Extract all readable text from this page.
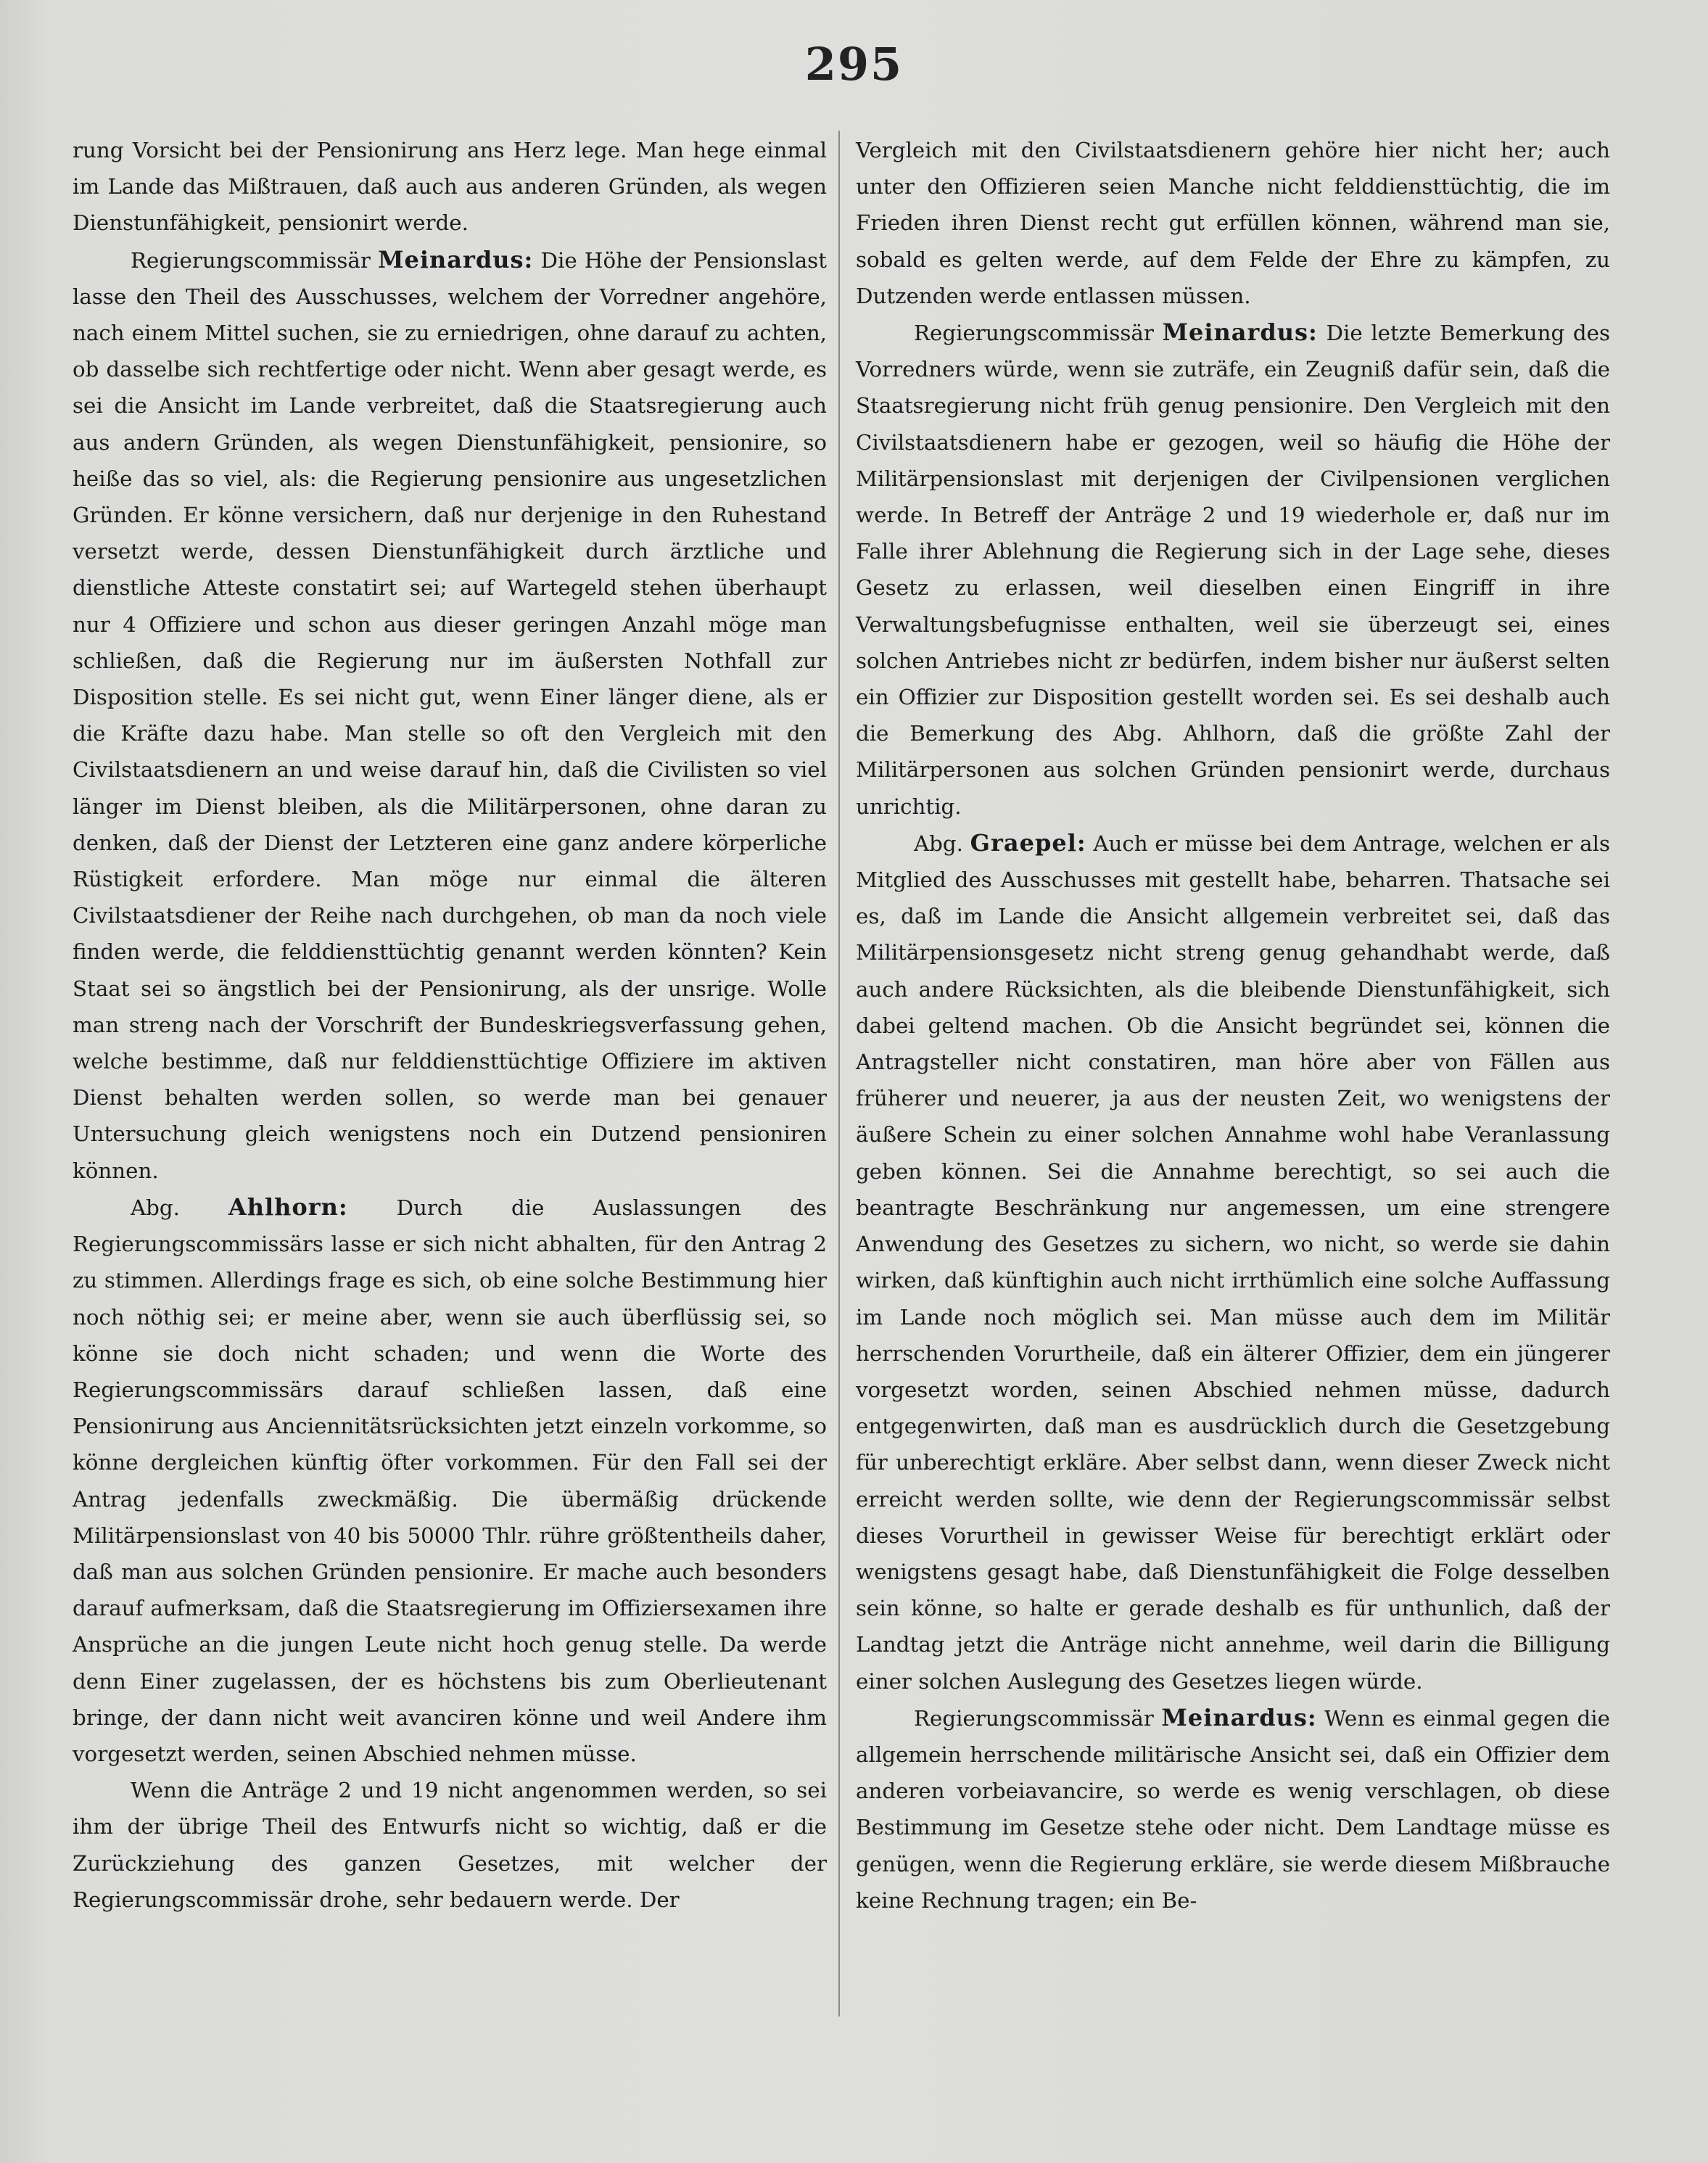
295

rung Vorsicht bei der Pensionirung ans Herz lege. Man hege einmal im Lande das Mißtrauen, daß auch aus anderen Gründen, als wegen Dienstunfähigkeit, pensionirt werde.

Regierungscommissär Meinardus: Die Höhe der Pensionslast lasse den Theil des Ausschusses, welchem der Vorredner angehöre, nach einem Mittel suchen, sie zu erniedrigen, ohne darauf zu achten, ob dasselbe sich rechtfertige oder nicht. Wenn aber gesagt werde, es sei die Ansicht im Lande verbreitet, daß die Staatsregierung auch aus andern Gründen, als wegen Dienstunfähigkeit, pensionire, so heiße das so viel, als: die Regierung pensionire aus ungesetzlichen Gründen. Er könne versichern, daß nur derjenige in den Ruhestand versetzt werde, dessen Dienstunfähigkeit durch ärztliche und dienstliche Atteste constatirt sei; auf Wartegeld stehen überhaupt nur 4 Offiziere und schon aus dieser geringen Anzahl möge man schließen, daß die Regierung nur im äußersten Nothfall zur Disposition stelle. Es sei nicht gut, wenn Einer länger diene, als er die Kräfte dazu habe. Man stelle so oft den Vergleich mit den Civilstaatsdienern an und weise darauf hin, daß die Civilisten so viel länger im Dienst bleiben, als die Militärpersonen, ohne daran zu denken, daß der Dienst der Letzteren eine ganz andere körperliche Rüstigkeit erfordere. Man möge nur einmal die älteren Civilstaatsdiener der Reihe nach durchgehen, ob man da noch viele finden werde, die felddiensttüchtig genannt werden könnten? Kein Staat sei so ängstlich bei der Pensionirung, als der unsrige. Wolle man streng nach der Vorschrift der Bundeskriegsverfassung gehen, welche bestimme, daß nur felddiensttüchtige Offiziere im aktiven Dienst behalten werden sollen, so werde man bei genauer Untersuchung gleich wenigstens noch ein Dutzend pensioniren können.

Abg. Ahlhorn: Durch die Auslassungen des Regierungscommissärs lasse er sich nicht abhalten, für den Antrag 2 zu stimmen. Allerdings frage es sich, ob eine solche Bestimmung hier noch nöthig sei; er meine aber, wenn sie auch überflüssig sei, so könne sie doch nicht schaden; und wenn die Worte des Regierungscommissärs darauf schließen lassen, daß eine Pensionirung aus Anciennitätsrücksichten jetzt einzeln vorkomme, so könne dergleichen künftig öfter vorkommen. Für den Fall sei der Antrag jedenfalls zweckmäßig. Die übermäßig drückende Militärpensionslast von 40 bis 50000 Thlr. rühre größtentheils daher, daß man aus solchen Gründen pensionire. Er mache auch besonders darauf aufmerksam, daß die Staatsregierung im Offiziersexamen ihre Ansprüche an die jungen Leute nicht hoch genug stelle. Da werde denn Einer zugelassen, der es höchstens bis zum Oberlieutenant bringe, der dann nicht weit avanciren könne und weil Andere ihm vorgesetzt werden, seinen Abschied nehmen müsse.

Wenn die Anträge 2 und 19 nicht angenommen werden, so sei ihm der übrige Theil des Entwurfs nicht so wichtig, daß er die Zurückziehung des ganzen Gesetzes, mit welcher der Regierungscommissär drohe, sehr bedauern werde. Der

Vergleich mit den Civilstaatsdienern gehöre hier nicht her; auch unter den Offizieren seien Manche nicht felddiensttüchtig, die im Frieden ihren Dienst recht gut erfüllen können, während man sie, sobald es gelten werde, auf dem Felde der Ehre zu kämpfen, zu Dutzenden werde entlassen müssen.

Regierungscommissär Meinardus: Die letzte Bemerkung des Vorredners würde, wenn sie zuträfe, ein Zeugniß dafür sein, daß die Staatsregierung nicht früh genug pensionire. Den Vergleich mit den Civilstaatsdienern habe er gezogen, weil so häufig die Höhe der Militärpensionslast mit derjenigen der Civilpensionen verglichen werde. In Betreff der Anträge 2 und 19 wiederhole er, daß nur im Falle ihrer Ablehnung die Regierung sich in der Lage sehe, dieses Gesetz zu erlassen, weil dieselben einen Eingriff in ihre Verwaltungsbefugnisse enthalten, weil sie überzeugt sei, eines solchen Antriebes nicht zr bedürfen, indem bisher nur äußerst selten ein Offizier zur Disposition gestellt worden sei. Es sei deshalb auch die Bemerkung des Abg. Ahlhorn, daß die größte Zahl der Militärpersonen aus solchen Gründen pensionirt werde, durchaus unrichtig.

Abg. Graepel: Auch er müsse bei dem Antrage, welchen er als Mitglied des Ausschusses mit gestellt habe, beharren. Thatsache sei es, daß im Lande die Ansicht allgemein verbreitet sei, daß das Militärpensionsgesetz nicht streng genug gehandhabt werde, daß auch andere Rücksichten, als die bleibende Dienstunfähigkeit, sich dabei geltend machen. Ob die Ansicht begründet sei, können die Antragsteller nicht constatiren, man höre aber von Fällen aus früherer und neuerer, ja aus der neusten Zeit, wo wenigstens der äußere Schein zu einer solchen Annahme wohl habe Veranlassung geben können. Sei die Annahme berechtigt, so sei auch die beantragte Beschränkung nur angemessen, um eine strengere Anwendung des Gesetzes zu sichern, wo nicht, so werde sie dahin wirken, daß künftighin auch nicht irrthümlich eine solche Auffassung im Lande noch möglich sei. Man müsse auch dem im Militär herrschenden Vorurtheile, daß ein älterer Offizier, dem ein jüngerer vorgesetzt worden, seinen Abschied nehmen müsse, dadurch entgegenwirten, daß man es ausdrücklich durch die Gesetzgebung für unberechtigt erkläre. Aber selbst dann, wenn dieser Zweck nicht erreicht werden sollte, wie denn der Regierungscommissär selbst dieses Vorurtheil in gewisser Weise für berechtigt erklärt oder wenigstens gesagt habe, daß Dienstunfähigkeit die Folge desselben sein könne, so halte er gerade deshalb es für unthunlich, daß der Landtag jetzt die Anträge nicht annehme, weil darin die Billigung einer solchen Auslegung des Gesetzes liegen würde.

Regierungscommissär Meinardus: Wenn es einmal gegen die allgemein herrschende militärische Ansicht sei, daß ein Offizier dem anderen vorbeiavancire, so werde es wenig verschlagen, ob diese Bestimmung im Gesetze stehe oder nicht. Dem Landtage müsse es genügen, wenn die Regierung erkläre, sie werde diesem Mißbrauche keine Rechnung tragen; ein Be-
